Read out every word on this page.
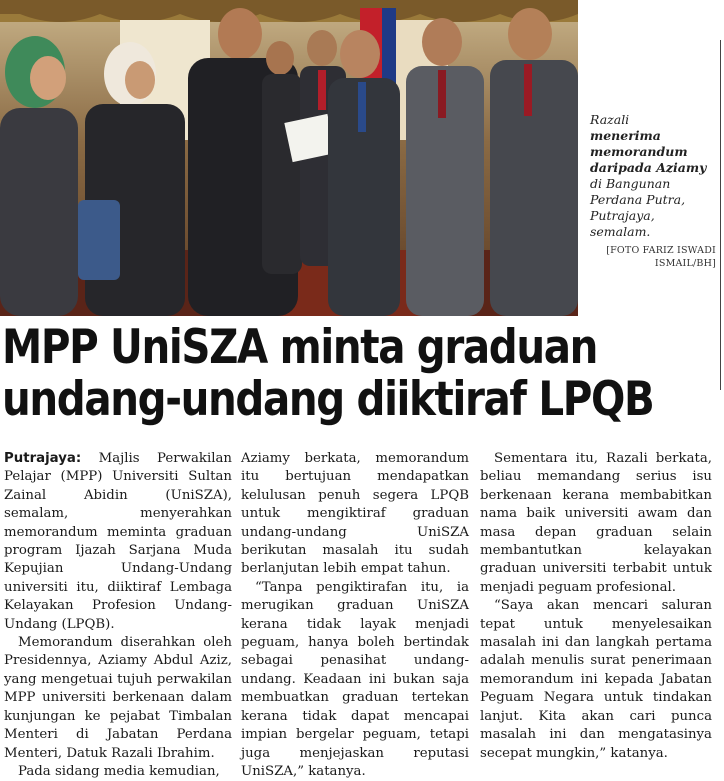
Razali
menerima memorandum daripada Aziamy
di Bangunan Perdana Putra, Putrajaya, semalam.
[FOTO FARIZ ISWADI ISMAIL/BH]
MPP UniSZA minta graduan
undang-undang diiktiraf LPQB

Putrajaya: Majlis Perwakilan Pelajar (MPP) Universiti Sultan Zainal Abidin (UniSZA), semalam, menyerahkan memorandum meminta graduan program Ijazah Sarjana Muda Kepujian Undang-Undang universiti itu, diiktiraf Lembaga Kelayakan Profesion Undang-Undang (LPQB).

Memorandum diserahkan oleh Presidennya, Aziamy Abdul Aziz, yang mengetuai tujuh perwakilan MPP universiti berkenaan dalam kunjungan ke pejabat Timbalan Menteri di Jabatan Perdana Menteri, Datuk Razali Ibrahim.

Pada sidang media kemudian,

Aziamy berkata, memorandum itu bertujuan mendapatkan kelulusan penuh segera LPQB untuk mengiktiraf graduan undang-undang UniSZA berikutan masalah itu sudah berlanjutan lebih empat tahun.

“Tanpa pengiktirafan itu, ia merugikan graduan UniSZA kerana tidak layak menjadi peguam, hanya boleh bertindak sebagai penasihat undang-undang. Keadaan ini bukan saja membuatkan graduan tertekan kerana tidak dapat mencapai impian bergelar peguam, tetapi juga menjejaskan reputasi UniSZA,” katanya.

Sementara itu, Razali berkata, beliau memandang serius isu berkenaan kerana membabitkan nama baik universiti awam dan masa depan graduan selain membantutkan kelayakan graduan universiti terbabit untuk menjadi peguam profesional.

“Saya akan mencari saluran tepat untuk menyelesaikan masalah ini dan langkah pertama adalah menulis surat penerimaan memorandum ini kepada Jabatan Peguam Negara untuk tindakan lanjut. Kita akan cari punca masalah ini dan mengatasinya secepat mungkin,” katanya.
